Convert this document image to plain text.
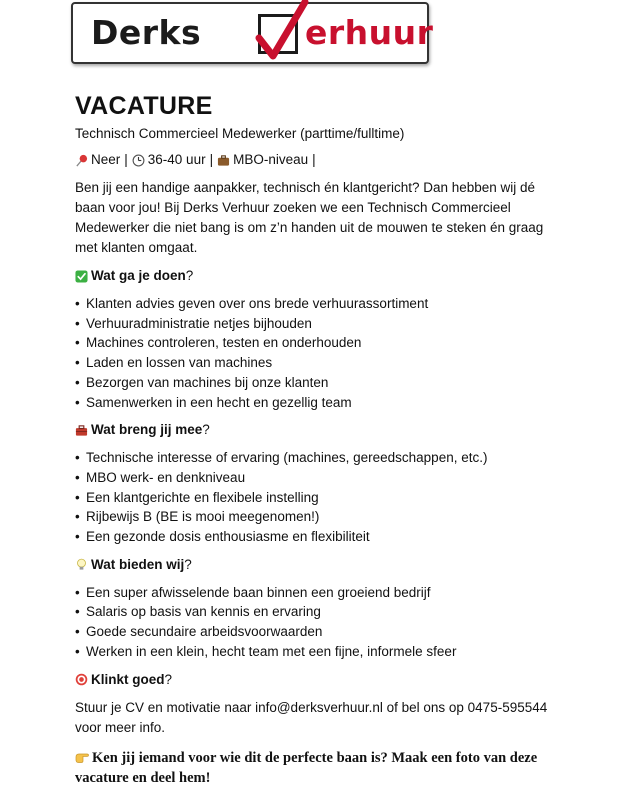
Derks	erhuur
VACATURE
Technisch Commercieel Medewerker (parttime/fulltime)
Neer | 36-40 uur | MBO-niveau |

Ben jij een handige aanpakker, technisch én klantgericht? Dan hebben wij dé baan voor jou! Bij Derks Verhuur zoeken we een Technisch Commercieel Medewerker die niet bang is om z’n handen uit de mouwen te steken én graag met klanten omgaat.

Wat ga je doen ?
• Klanten advies geven over ons brede verhuurassortiment
• Verhuuradministratie netjes bijhouden
• Machines controleren, testen en onderhouden
• Laden en lossen van machines
• Bezorgen van machines bij onze klanten
• Samenwerken in een hecht en gezellig team
Wat breng jij mee ?
• Technische interesse of ervaring (machines, gereedschappen, etc.)
• MBO werk- en denkniveau
• Een klantgerichte en flexibele instelling
• Rijbewijs B (BE is mooi meegenomen!)
• Een gezonde dosis enthousiasme en flexibiliteit
Wat bieden wij ?
• Een super afwisselende baan binnen een groeiend bedrijf
• Salaris op basis van kennis en ervaring
• Goede secundaire arbeidsvoorwaarden
• Werken in een klein, hecht team met een fijne, informele sfeer
Klinkt goed ?

Stuur je CV en motivatie naar info@derksverhuur.nl of bel ons op 0475-595544 voor meer info.

Ken jij iemand voor wie dit de perfecte baan is? Maak een foto van deze vacature en deel hem!
